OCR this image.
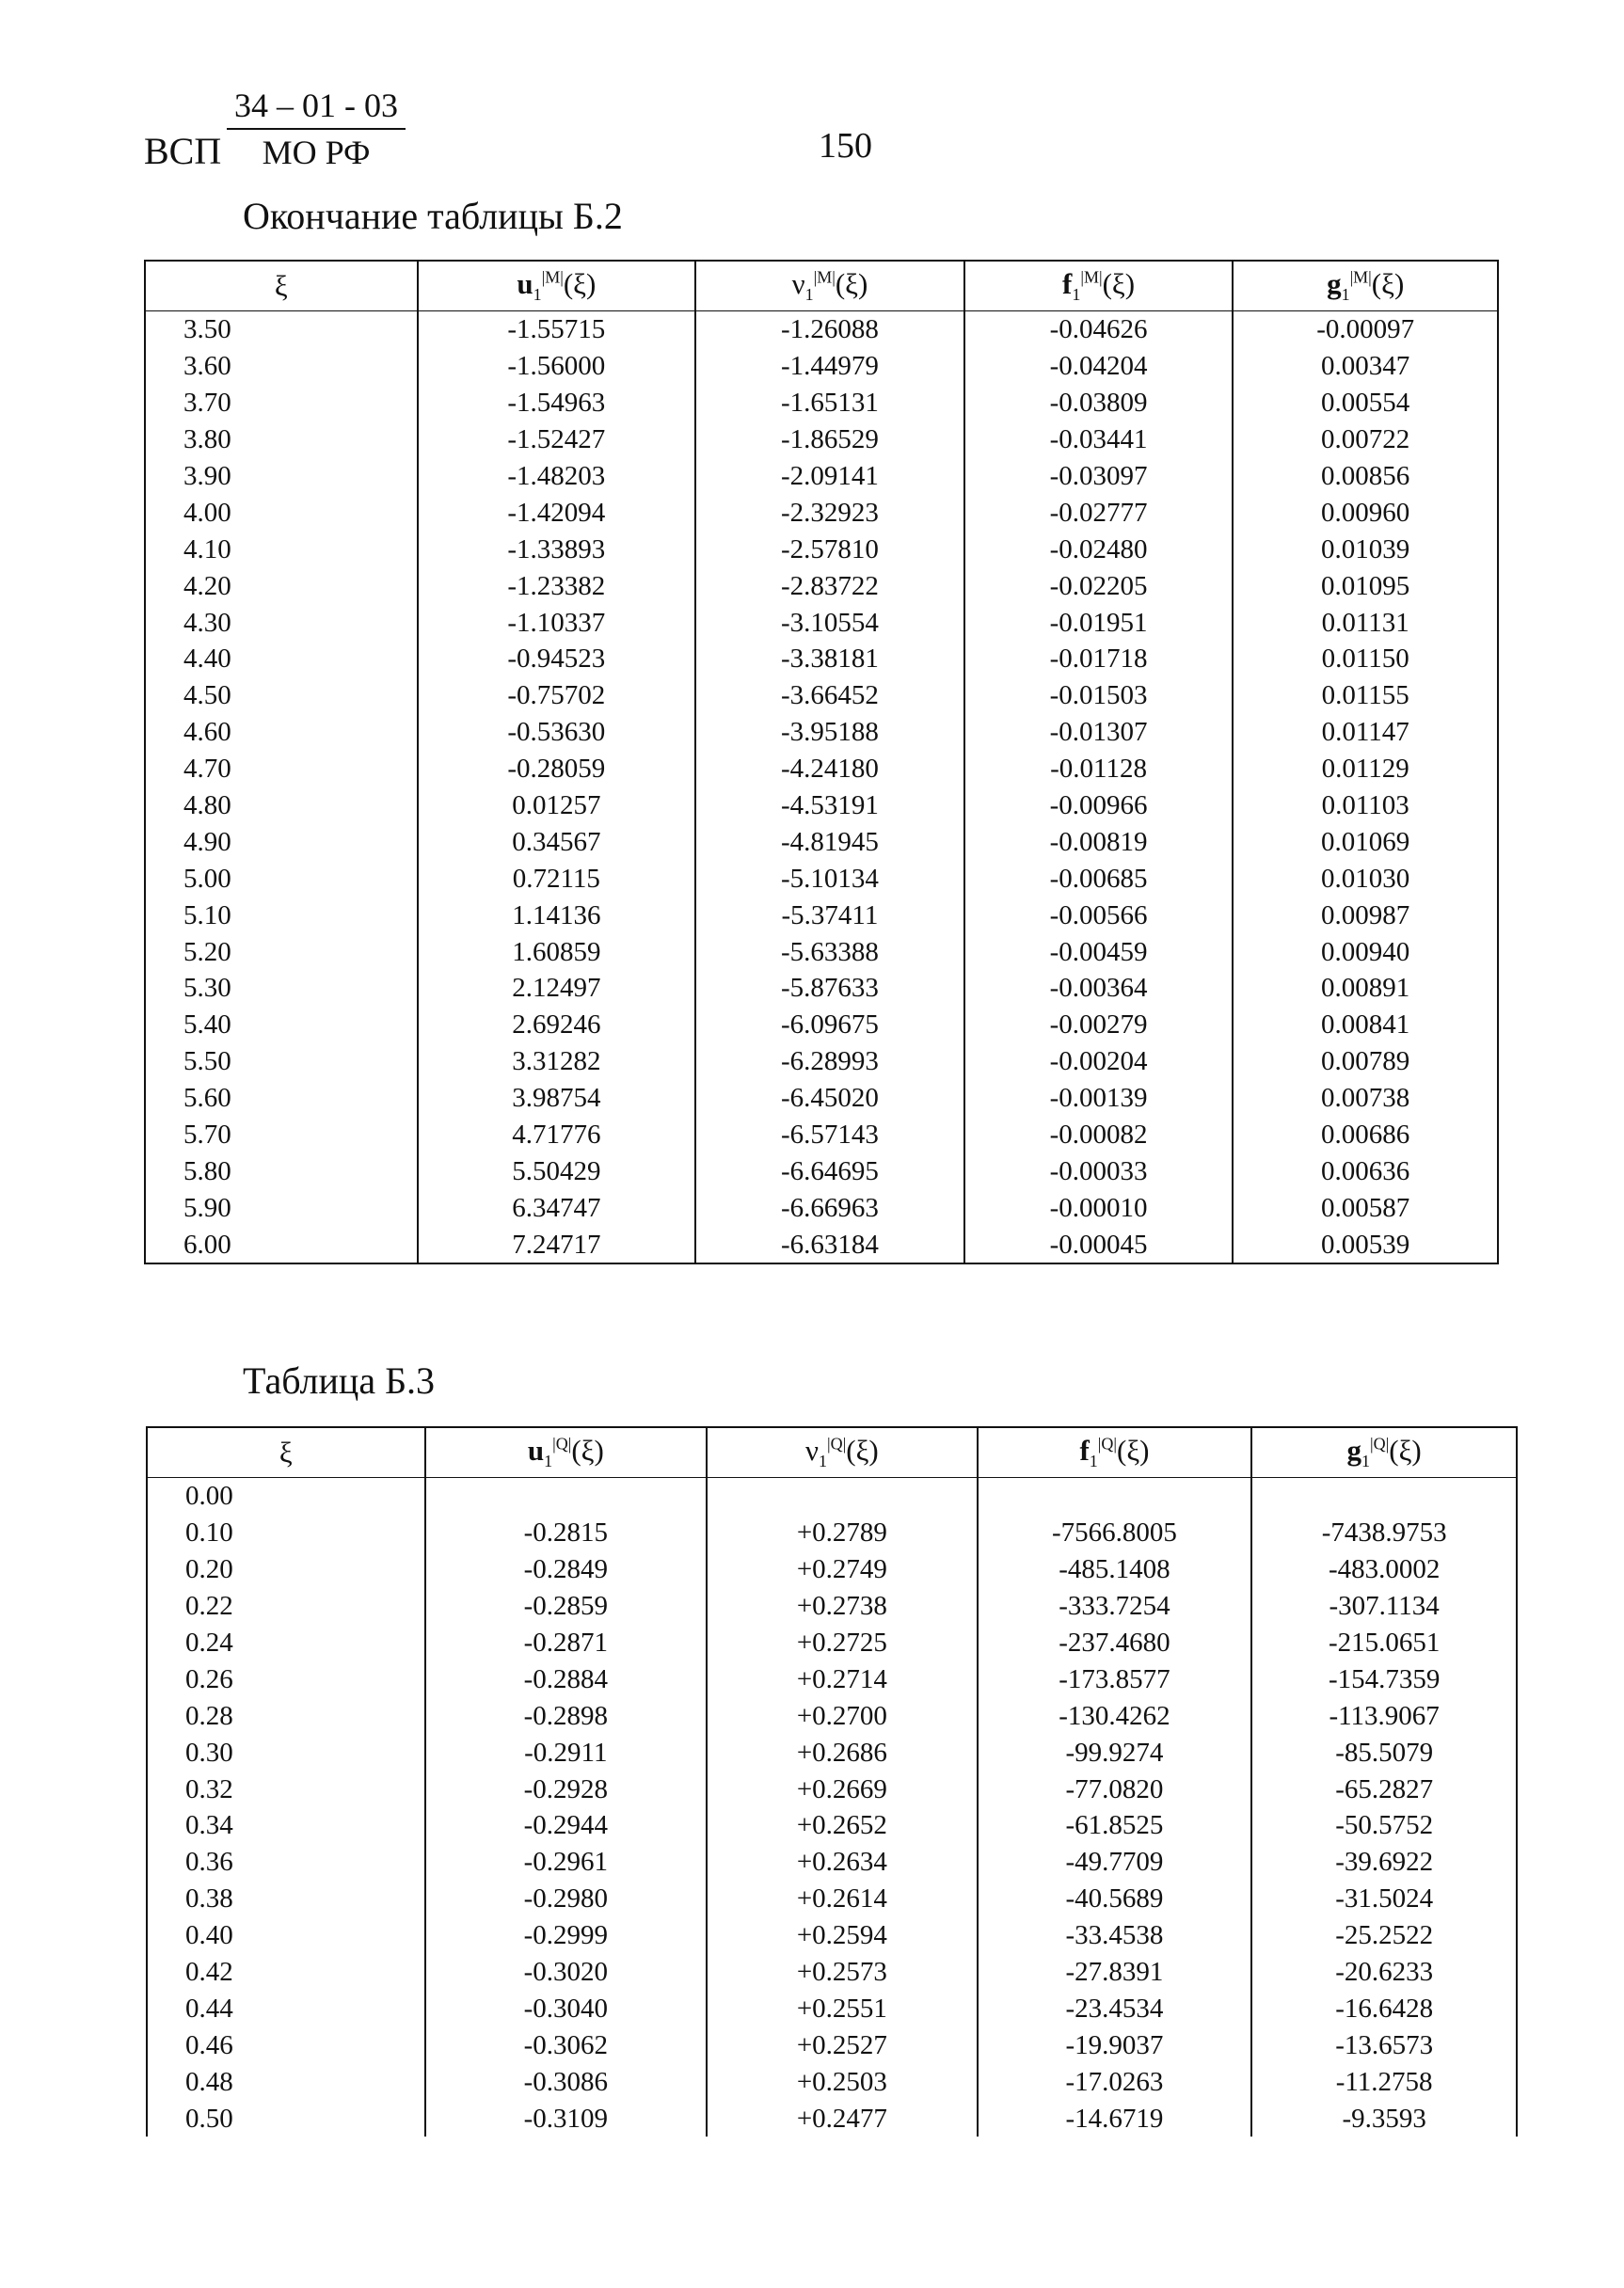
ВСП
34 – 01 - 03
МО РФ	150
Окончание таблицы Б.2
ξ	$u_1^{|M|}(\xi)$	$\nu_1^{|M|}(\xi)$	$f_1^{|M|}(\xi)$	$g_1^{|M|}(\xi)$
3.50	-1.55715	-1.26088	-0.04626	-0.00097
3.60	-1.56000	-1.44979	-0.04204	0.00347
3.70	-1.54963	-1.65131	-0.03809	0.00554
3.80	-1.52427	-1.86529	-0.03441	0.00722
3.90	-1.48203	-2.09141	-0.03097	0.00856
4.00	-1.42094	-2.32923	-0.02777	0.00960
4.10	-1.33893	-2.57810	-0.02480	0.01039
4.20	-1.23382	-2.83722	-0.02205	0.01095
4.30	-1.10337	-3.10554	-0.01951	0.01131
4.40	-0.94523	-3.38181	-0.01718	0.01150
4.50	-0.75702	-3.66452	-0.01503	0.01155
4.60	-0.53630	-3.95188	-0.01307	0.01147
4.70	-0.28059	-4.24180	-0.01128	0.01129
4.80	0.01257	-4.53191	-0.00966	0.01103
4.90	0.34567	-4.81945	-0.00819	0.01069
5.00	0.72115	-5.10134	-0.00685	0.01030
5.10	1.14136	-5.37411	-0.00566	0.00987
5.20	1.60859	-5.63388	-0.00459	0.00940
5.30	2.12497	-5.87633	-0.00364	0.00891
5.40	2.69246	-6.09675	-0.00279	0.00841
5.50	3.31282	-6.28993	-0.00204	0.00789
5.60	3.98754	-6.45020	-0.00139	0.00738
5.70	4.71776	-6.57143	-0.00082	0.00686
5.80	5.50429	-6.64695	-0.00033	0.00636
5.90	6.34747	-6.66963	-0.00010	0.00587
6.00	7.24717	-6.63184	-0.00045	0.00539
Таблица Б.3
ξ	$u_1^{|Q|}(\xi)$	$\nu_1^{|Q|}(\xi)$	$f_1^{|Q|}(\xi)$	$g_1^{|Q|}(\xi)$
0.00				
0.10	-0.2815	+0.2789	-7566.8005	-7438.9753
0.20	-0.2849	+0.2749	-485.1408	-483.0002
0.22	-0.2859	+0.2738	-333.7254	-307.1134
0.24	-0.2871	+0.2725	-237.4680	-215.0651
0.26	-0.2884	+0.2714	-173.8577	-154.7359
0.28	-0.2898	+0.2700	-130.4262	-113.9067
0.30	-0.2911	+0.2686	-99.9274	-85.5079
0.32	-0.2928	+0.2669	-77.0820	-65.2827
0.34	-0.2944	+0.2652	-61.8525	-50.5752
0.36	-0.2961	+0.2634	-49.7709	-39.6922
0.38	-0.2980	+0.2614	-40.5689	-31.5024
0.40	-0.2999	+0.2594	-33.4538	-25.2522
0.42	-0.3020	+0.2573	-27.8391	-20.6233
0.44	-0.3040	+0.2551	-23.4534	-16.6428
0.46	-0.3062	+0.2527	-19.9037	-13.6573
0.48	-0.3086	+0.2503	-17.0263	-11.2758
0.50	-0.3109	+0.2477	-14.6719	-9.3593
